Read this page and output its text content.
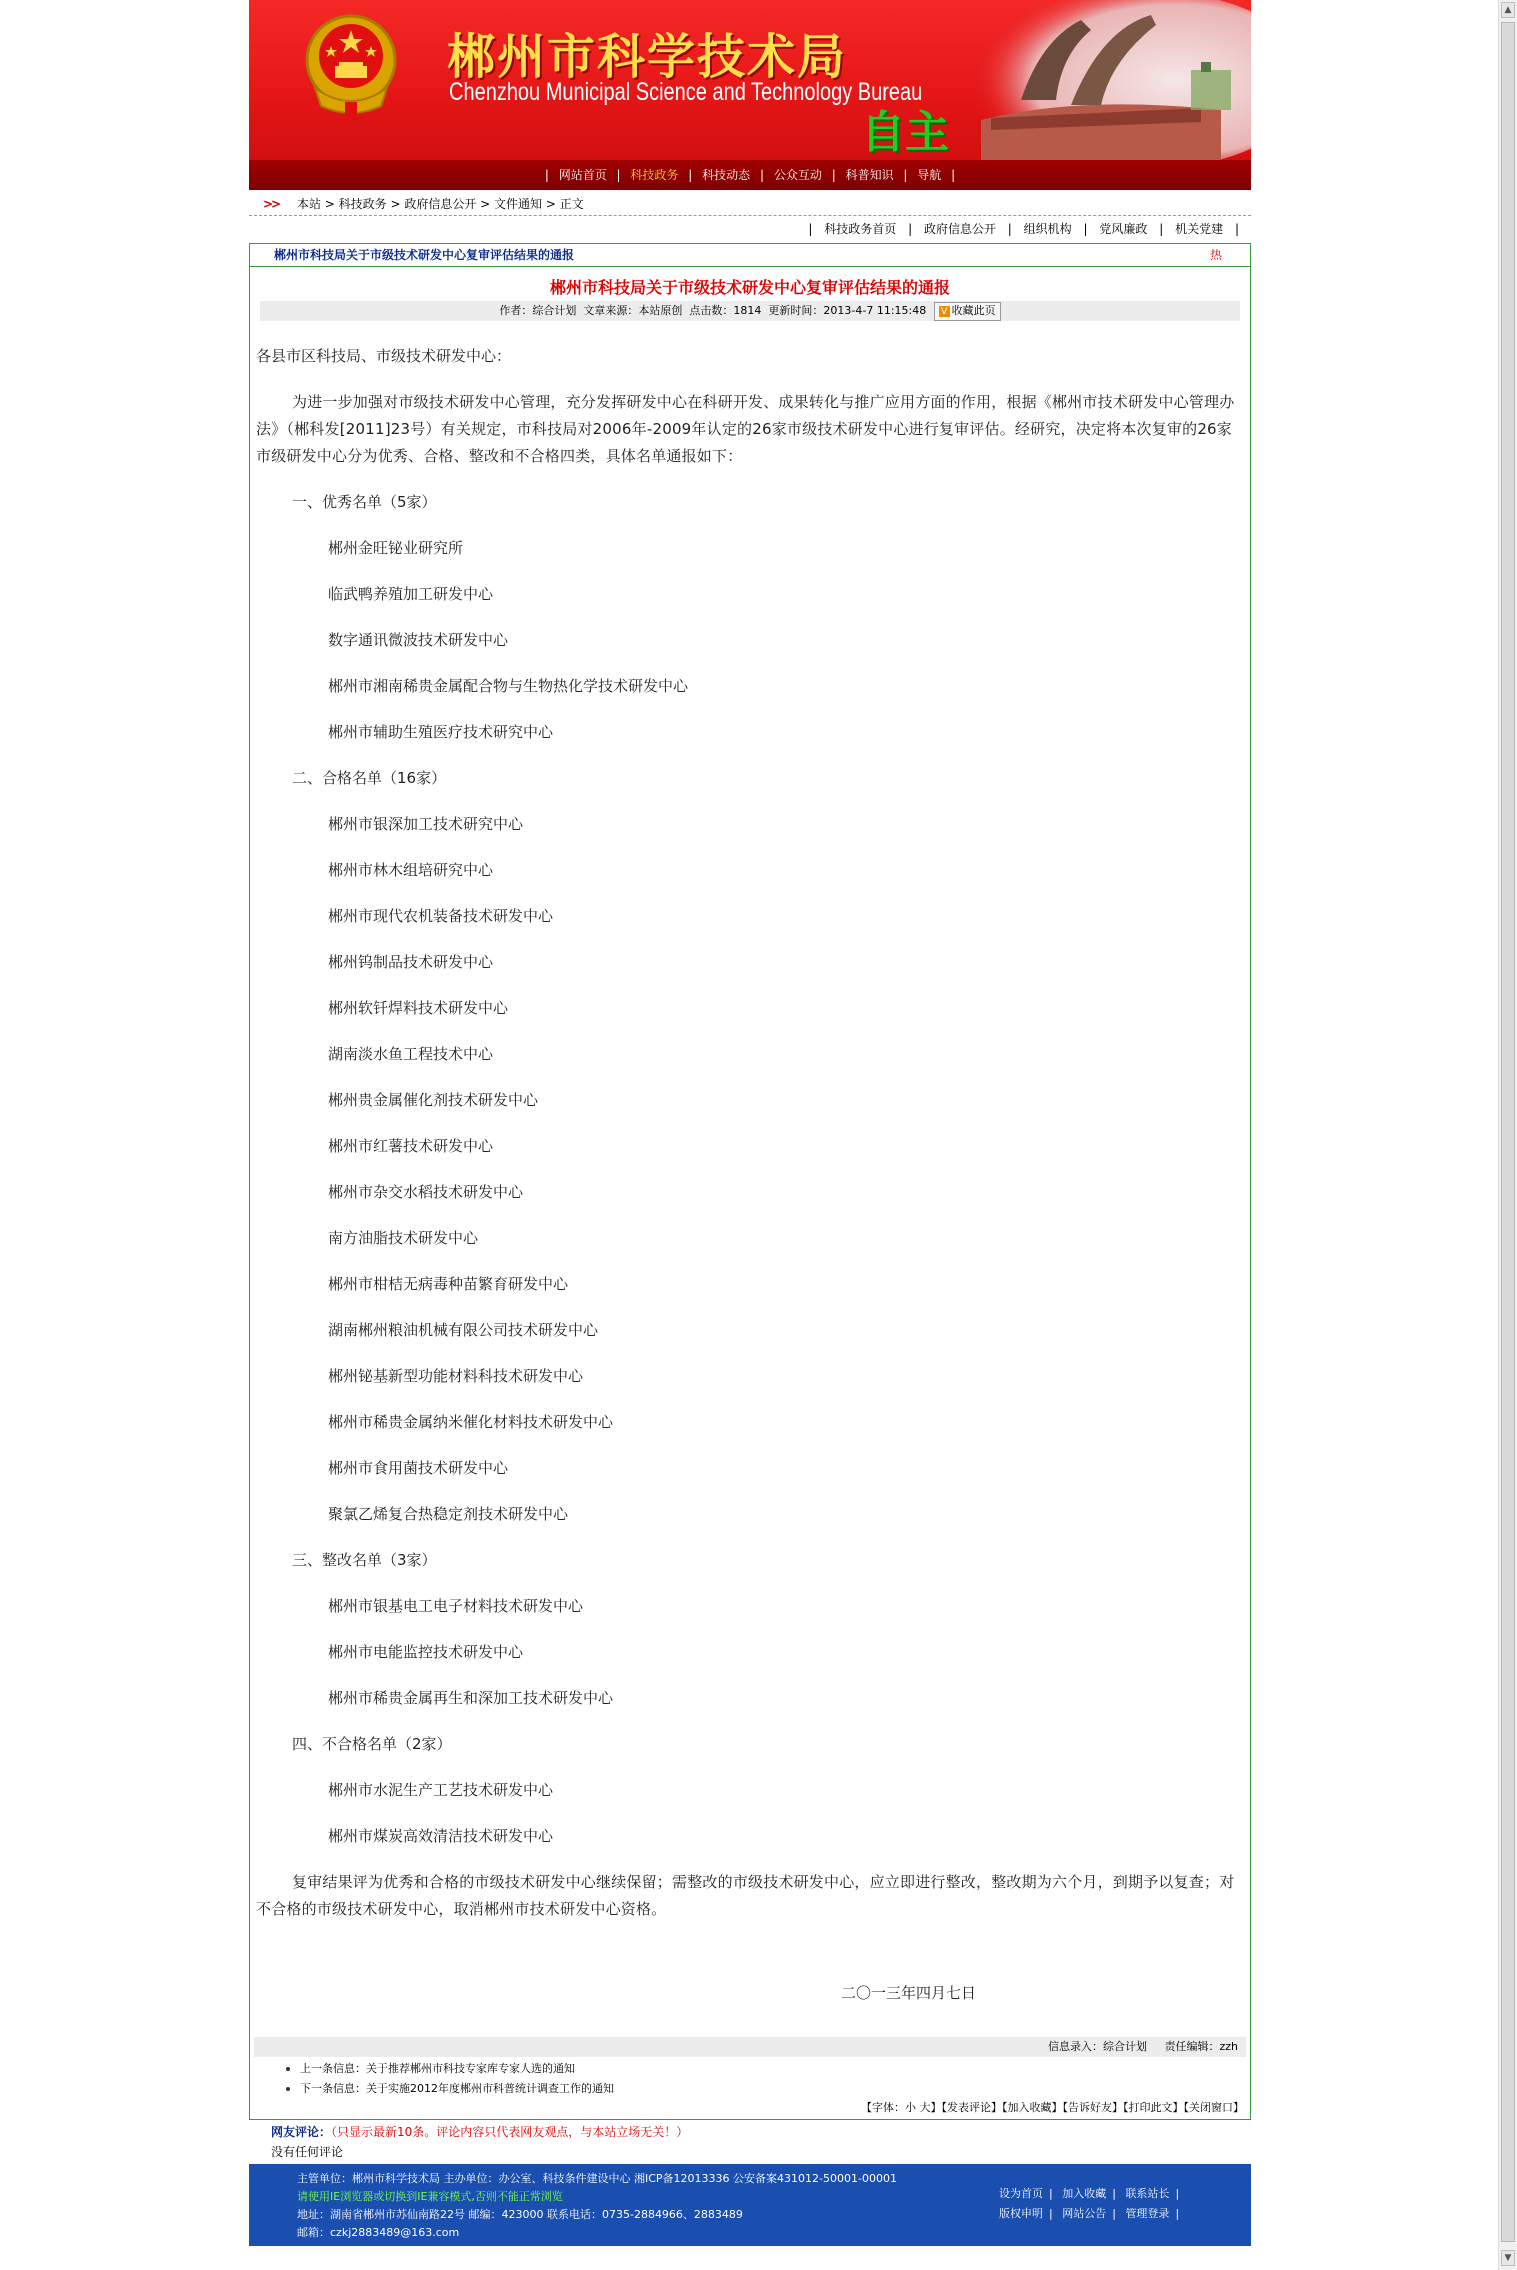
▲
▼
郴州市科学技术局
Chenzhou Municipal Science and Technology Bureau
自主
| 网站首页 | 科技政务 | 科技动态 | 公众互动 | 科普知识 | 导航 |
>> 本站 > 科技政务 > 政府信息公开 > 文件通知 > 正文
| 科技政务首页 | 政府信息公开 | 组织机构 | 党风廉政 | 机关党建 |
郴州市科技局关于市级技术研发中心复审评估结果的通报	热
郴州市科技局关于市级技术研发中心复审评估结果的通报
作者：综合计划 文章来源：本站原创 点击数：1814 更新时间：2013-4-7 11:15:48 V 收藏此页

各县市区科技局、市级技术研发中心：

为进一步加强对市级技术研发中心管理，充分发挥研发中心在科研开发、成果转化与推广应用方面的作用，根据《郴州市技术研发中心管理办法》（郴科发[2011]23号）有关规定，市科技局对2006年-2009年认定的26家市级技术研发中心进行复审评估。经研究，决定将本次复审的26家市级研发中心分为优秀、合格、整改和不合格四类，具体名单通报如下：

一、优秀名单（5家）

郴州金旺铋业研究所

临武鸭养殖加工研发中心

数字通讯微波技术研发中心

郴州市湘南稀贵金属配合物与生物热化学技术研发中心

郴州市辅助生殖医疗技术研究中心

二、合格名单（16家）

郴州市银深加工技术研究中心

郴州市林木组培研究中心

郴州市现代农机装备技术研发中心

郴州钨制品技术研发中心

郴州软钎焊料技术研发中心

湖南淡水鱼工程技术中心

郴州贵金属催化剂技术研发中心

郴州市红薯技术研发中心

郴州市杂交水稻技术研发中心

南方油脂技术研发中心

郴州市柑桔无病毒种苗繁育研发中心

湖南郴州粮油机械有限公司技术研发中心

郴州铋基新型功能材料科技术研发中心

郴州市稀贵金属纳米催化材料技术研发中心

郴州市食用菌技术研发中心

聚氯乙烯复合热稳定剂技术研发中心

三、整改名单（3家）

郴州市银基电工电子材料技术研发中心

郴州市电能监控技术研发中心

郴州市稀贵金属再生和深加工技术研发中心

四、不合格名单（2家）

郴州市水泥生产工艺技术研发中心

郴州市煤炭高效清洁技术研发中心

复审结果评为优秀和合格的市级技术研发中心继续保留；需整改的市级技术研发中心，应立即进行整改，整改期为六个月，到期予以复查；对不合格的市级技术研发中心，取消郴州市技术研发中心资格。

二〇一三年四月七日

信息录入：综合计划 责任编辑：zzh
上一条信息：关于推荐郴州市科技专家库专家人选的通知
下一条信息：关于实施2012年度郴州市科普统计调查工作的通知
【字体：小 大】【发表评论】【加入收藏】【告诉好友】【打印此文】【关闭窗口】
网友评论：（只显示最新10条。评论内容只代表网友观点，与本站立场无关！）
没有任何评论
主管单位：郴州市科学技术局 主办单位：办公室、科技条件建设中心 湘ICP备12013336 公安备案431012-50001-00001
请使用IE浏览器或切换到IE兼容模式,否则不能正常浏览
地址：湖南省郴州市苏仙南路22号 邮编：423000 联系电话：0735-2884966、2883489
邮箱：czkj2883489@163.com
设为首页 | 加入收藏 | 联系站长 |
版权申明 | 网站公告 | 管理登录 |
